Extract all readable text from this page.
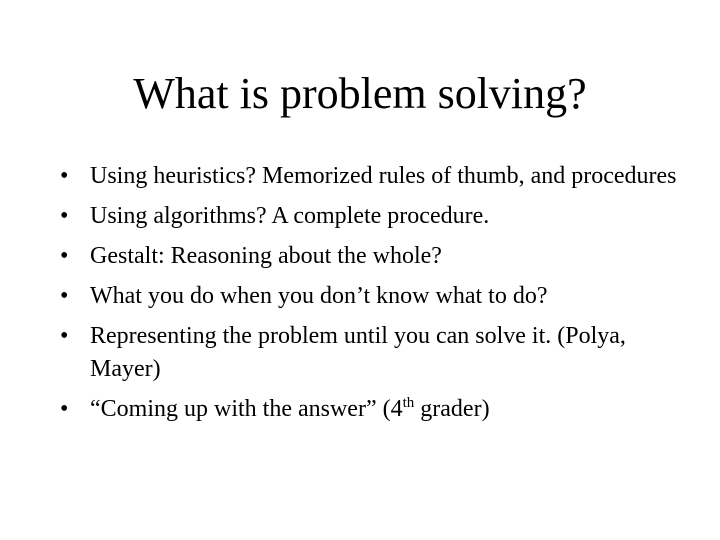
What is problem solving?
• Using heuristics? Memorized rules of thumb, and procedures
• Using algorithms? A complete procedure.
• Gestalt: Reasoning about the whole?
• What you do when you don’t know what to do?
• Representing the problem until you can solve it. (Polya, Mayer)
• “Coming up with the answer” (4th grader)
